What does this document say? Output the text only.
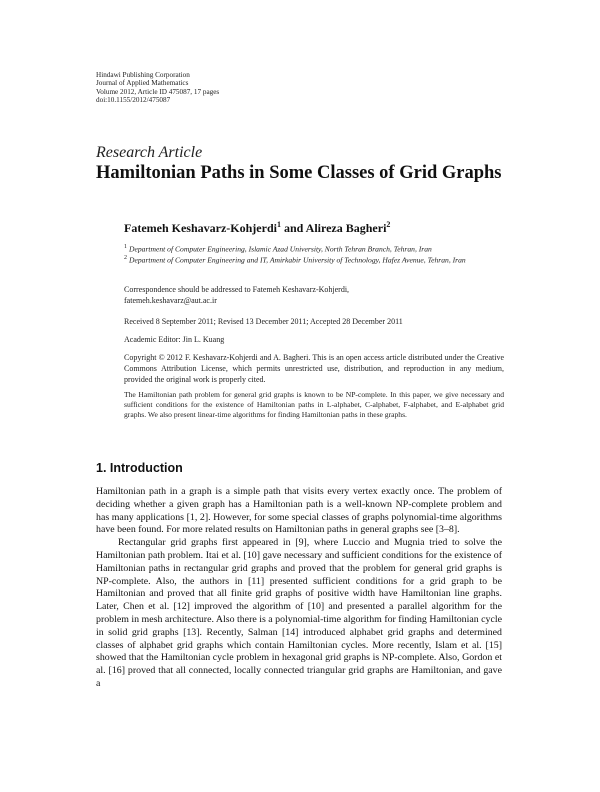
Hindawi Publishing Corporation
Journal of Applied Mathematics
Volume 2012, Article ID 475087, 17 pages
doi:10.1155/2012/475087
Research Article
Hamiltonian Paths in Some Classes of Grid Graphs
Fatemeh Keshavarz-Kohjerdi$^1$ and Alireza Bagheri$^2$
$^1$ Department of Computer Engineering, Islamic Azad University, North Tehran Branch, Tehran, Iran
$^2$ Department of Computer Engineering and IT, Amirkabir University of Technology, Hafez Avenue, Tehran, Iran
Correspondence should be addressed to Fatemeh Keshavarz-Kohjerdi,
fatemeh.keshavarz@aut.ac.ir
Received 8 September 2011; Revised 13 December 2011; Accepted 28 December 2011
Academic Editor: Jin L. Kuang
Copyright © 2012 F. Keshavarz-Kohjerdi and A. Bagheri. This is an open access article distributed under the Creative Commons Attribution License, which permits unrestricted use, distribution, and reproduction in any medium, provided the original work is properly cited.
The Hamiltonian path problem for general grid graphs is known to be NP-complete. In this paper, we give necessary and sufficient conditions for the existence of Hamiltonian paths in L-alphabet, C-alphabet, F-alphabet, and E-alphabet grid graphs. We also present linear-time algorithms for finding Hamiltonian paths in these graphs.
1. Introduction

Hamiltonian path in a graph is a simple path that visits every vertex exactly once. The problem of deciding whether a given graph has a Hamiltonian path is a well-known NP-complete problem and has many applications [1, 2]. However, for some special classes of graphs polynomial-time algorithms have been found. For more related results on Hamiltonian paths in general graphs see [3–8].

Rectangular grid graphs first appeared in [9], where Luccio and Mugnia tried to solve the Hamiltonian path problem. Itai et al. [10] gave necessary and sufficient conditions for the existence of Hamiltonian paths in rectangular grid graphs and proved that the problem for general grid graphs is NP-complete. Also, the authors in [11] presented sufficient conditions for a grid graph to be Hamiltonian and proved that all finite grid graphs of positive width have Hamiltonian line graphs. Later, Chen et al. [12] improved the algorithm of [10] and presented a parallel algorithm for the problem in mesh architecture. Also there is a polynomial-time algorithm for finding Hamiltonian cycle in solid grid graphs [13]. Recently, Salman [14] introduced alphabet grid graphs and determined classes of alphabet grid graphs which contain Hamiltonian cycles. More recently, Islam et al. [15] showed that the Hamiltonian cycle problem in hexagonal grid graphs is NP-complete. Also, Gordon et al. [16] proved that all connected, locally connected triangular grid graphs are Hamiltonian, and gave a
